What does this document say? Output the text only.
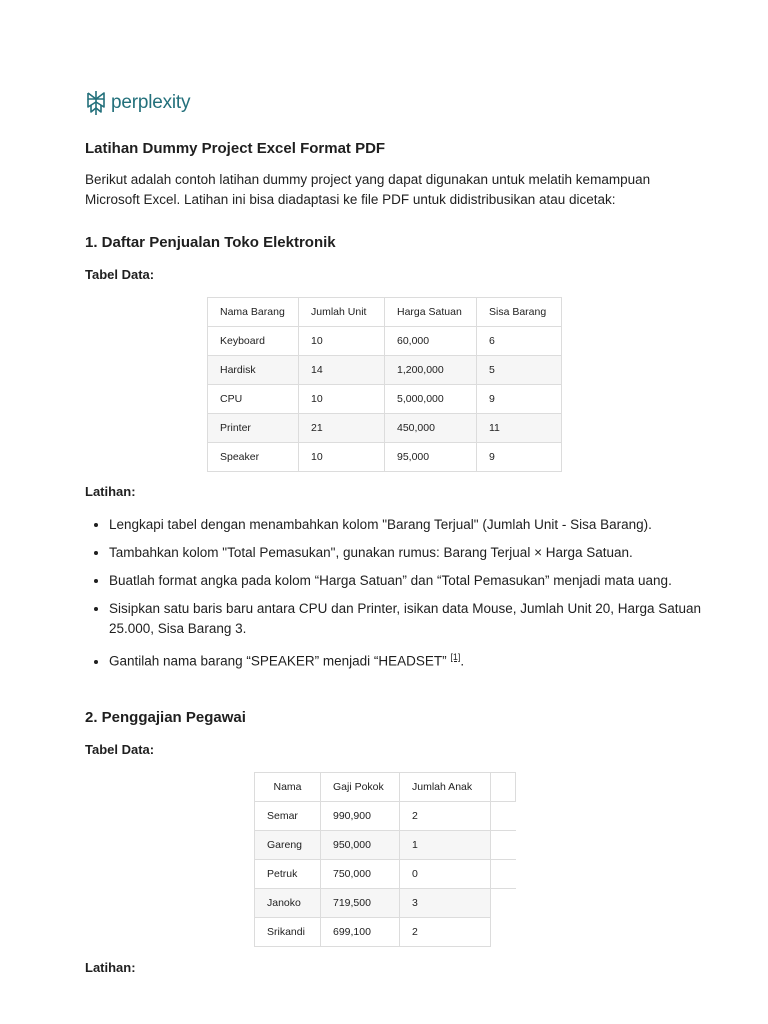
perplexity
Latihan Dummy Project Excel Format PDF

Berikut adalah contoh latihan dummy project yang dapat digunakan untuk melatih kemampuan Microsoft Excel. Latihan ini bisa diadaptasi ke file PDF untuk didistribusikan atau dicetak:

1. Daftar Penjualan Toko Elektronik

Tabel Data:

Nama Barang	Jumlah Unit	Harga Satuan	Sisa Barang
Keyboard	10	60,000	6
Hardisk	14	1,200,000	5
CPU	10	5,000,000	9
Printer	21	450,000	11
Speaker	10	95,000	9

Latihan:

• Lengkapi tabel dengan menambahkan kolom "Barang Terjual" (Jumlah Unit - Sisa Barang).
• Tambahkan kolom "Total Pemasukan", gunakan rumus: Barang Terjual × Harga Satuan.
• Buatlah format angka pada kolom “Harga Satuan” dan “Total Pemasukan” menjadi mata uang.
• Sisipkan satu baris baru antara CPU dan Printer, isikan data Mouse, Jumlah Unit 20, Harga Satuan 25.000, Sisa Barang 3.
• Gantilah nama barang “SPEAKER” menjadi “HEADSET” [1].
2. Penggajian Pegawai

Tabel Data:

Nama	Gaji Pokok	Jumlah Anak	
Semar	990,900	2	
Gareng	950,000	1	
Petruk	750,000	0	
Janoko	719,500	3	
Srikandi	699,100	2	

Latihan:
